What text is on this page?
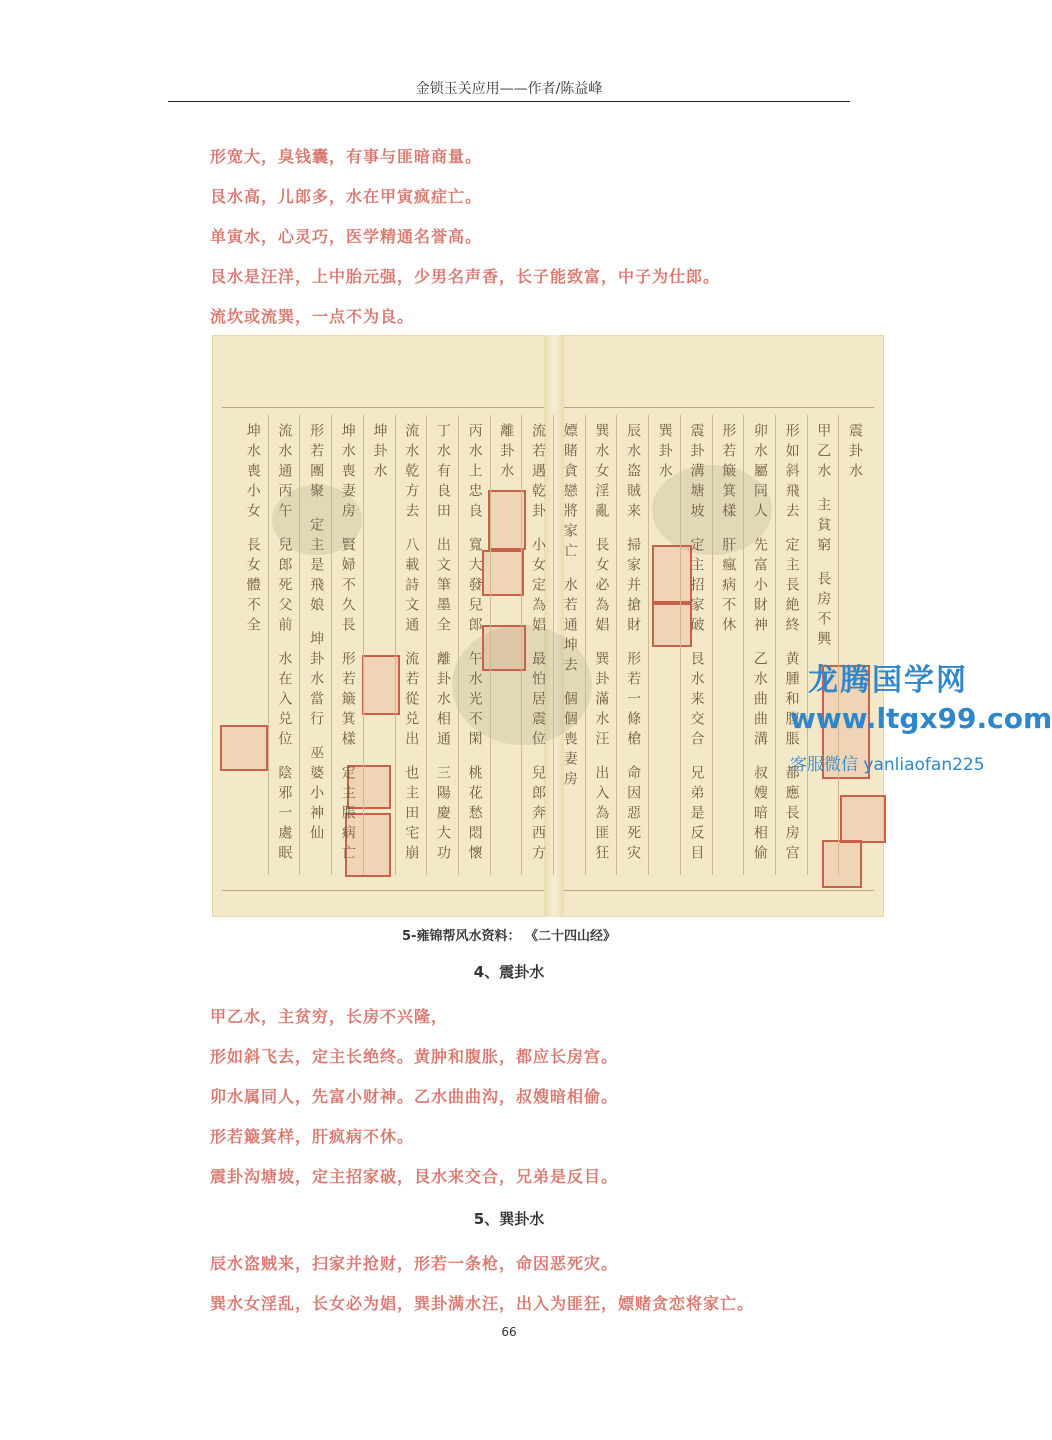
金锁玉关应用——作者/陈益峰
形宽大，臭钱囊，有事与匪暗商量。
艮水高，儿郎多，水在甲寅疯症亡。
单寅水，心灵巧，医学精通名誉高。
艮水是汪洋，上中胎元强，少男名声香，长子能致富，中子为仕郎。
流坎或流巽，一点不为良。
震卦水
甲乙水
主貧窮
長房不興
形如斜飛去
定主長絶終
黄腫和腹脹
都應長房宫
卯水屬同人
先富小財神
乙水曲曲溝
叔嫂暗相偷
形若簸箕樣
肝瘋病不休
震卦溝塘坡
定主招家破
艮水来交合
兄弟是反目
巽卦水
辰水盗賊来
掃家并搶財
形若一條槍
命因惡死灾
巽水女淫亂
長女必為娼
巽卦滿水汪
出入為匪狂
嫖賭貪戀將家亡
水若通坤去
個個喪妻房
流若遇乾卦
小女定為娼
最怕居震位
兒郎奔西方
離卦水
丙水上忠良
寬大發兒郎
午水光不閑
桃花愁悶懷
丁水有良田
出文筆墨全
離卦水相通
三陽慶大功
流水乾方去
八載詩文通
流若從兑出
也主田宅崩
坤卦水
坤水喪妻房
賢婦不久長
形若簸箕樣
定主脹病亡
形若團聚
定主是飛娘
坤卦水當行
巫婆小神仙
流水通丙午
兒郎死父前
水在入兑位
陰邪一處眠
坤水喪小女
長女體不全
5-雍锦帮风水资料： 《二十四山经》
4、震卦水
甲乙水，主贫穷，长房不兴隆，
形如斜飞去，定主长绝终。黄肿和腹胀，都应长房宫。
卯水属同人，先富小财神。乙水曲曲沟，叔嫂暗相偷。
形若簸箕样，肝疯病不休。
震卦沟塘坡，定主招家破，艮水来交合，兄弟是反目。
5、巽卦水
辰水盗贼来，扫家并抢财，形若一条枪，命因恶死灾。
巽水女淫乱，长女必为娼，巽卦满水汪，出入为匪狂，嫖赌贪恋将家亡。
龙腾国学网
www.ltgx99.com
客服微信 yanliaofan225
66
